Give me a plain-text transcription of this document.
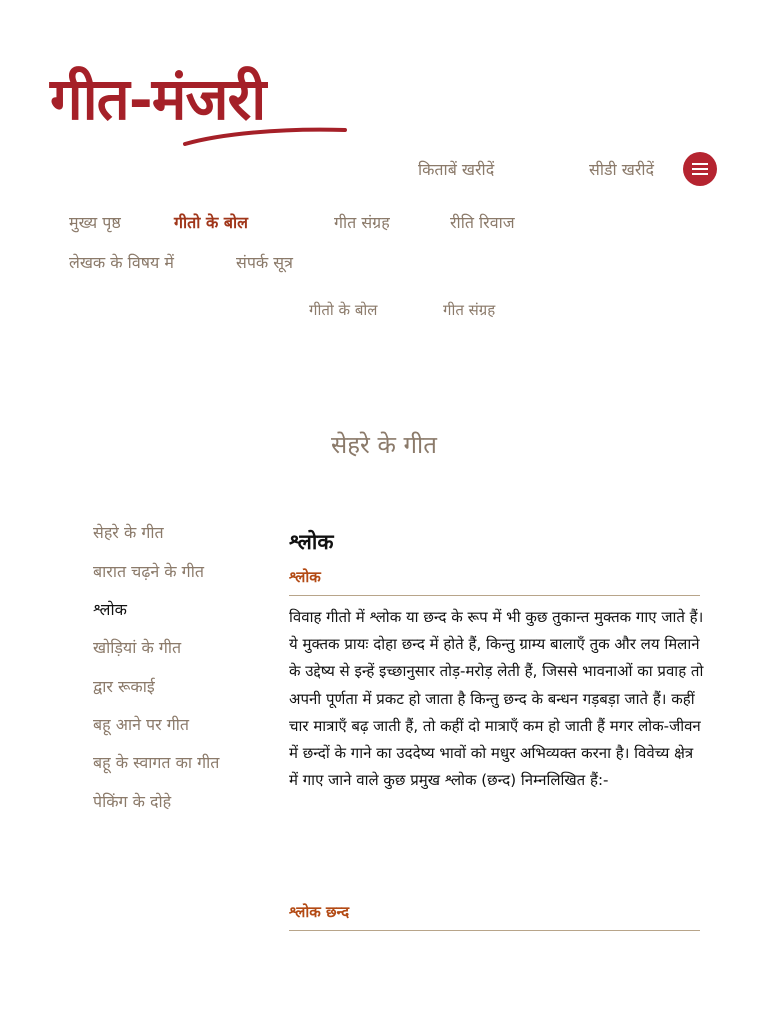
गीत-मंजरी
किताबें खरीदें	सीडी खरीदें
मुख्य पृष्ठ	गीतो के बोल	गीत संग्रह	रीति रिवाज
लेखक के विषय में	संपर्क सूत्र
गीतो के बोल	गीत संग्रह
सेहरे के गीत
सेहरे के गीत
बारात चढ़ने के गीत
श्लोक
खोड़ियां के गीत
द्वार रूकाई
बहू आने पर गीत
बहू के स्वागत का गीत
पेकिंग के दोहे
श्लोक
श्लोक
विवाह गीतो में श्लोक या छन्द के रूप में भी कुछ तुकान्त मुक्तक गाए जाते हैं। ये मुक्तक प्रायः दोहा छन्द में होते हैं, किन्तु ग्राम्य बालाएँ तुक और लय मिलाने के उद्देष्य से इन्हें इच्छानुसार तोड़-मरोड़ लेती हैं, जिससे भावनाओं का प्रवाह तो अपनी पूर्णता में प्रकट हो जाता है किन्तु छन्द के बन्धन गड़बड़ा जाते हैं। कहीं चार मात्राएँ बढ़ जाती हैं, तो कहीं दो मात्राएँ कम हो जाती हैं मगर लोक-जीवन में छन्दों के गाने का उददेष्य भावों को मधुर अभिव्यक्त करना है। विवेच्य क्षेत्र में गाए जाने वाले कुछ प्रमुख श्लोक (छन्द) निम्नलिखित हैं:-
श्लोक छन्द
